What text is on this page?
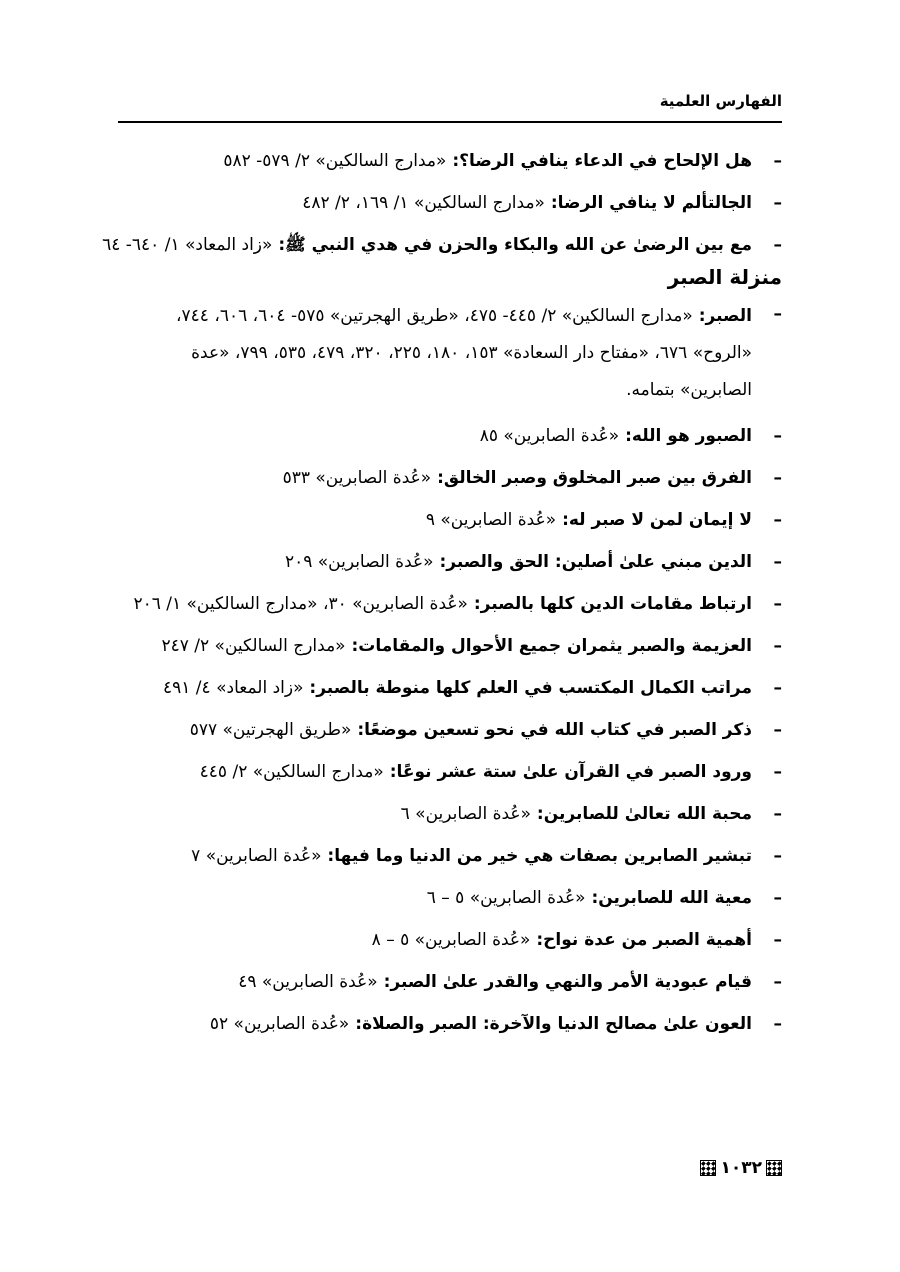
الفهارس العلمية
–
هل الإلحاح في الدعاء ينافي الرضا؟: «مدارج السالكين» ٢/ ٥٧٩- ٥٨٢
–
الجالتألم لا ينافي الرضا: «مدارج السالكين» ١/ ١٦٩، ٢/ ٤٨٢
–
مع بين الرضىٰ عن الله والبكاء والحزن في هدي النبي ﷺ: «زاد المعاد» ١/ ٦٤٠- ٦٤
منزلة الصبر
–
الصبر: «مدارج السالكين» ٢/ ٤٤٥- ٤٧٥، «طريق الهجرتين» ٥٧٥- ٦٠٤، ٦٠٦، ٧٤٤، «الروح» ٦٧٦، «مفتاح دار السعادة» ١٥٣، ١٨٠، ٢٢٥، ٣٢٠، ٤٧٩، ٥٣٥، ٧٩٩، «عدة الصابرين» بتمامه.
–
الصبور هو الله: «عُدة الصابرين» ٨٥
–
الفرق بين صبر المخلوق وصبر الخالق: «عُدة الصابرين» ٥٣٣
–
لا إيمان لمن لا صبر له: «عُدة الصابرين» ٩
–
الدين مبني علىٰ أصلين: الحق والصبر: «عُدة الصابرين» ٢٠٩
–
ارتباط مقامات الدين كلها بالصبر: «عُدة الصابرين» ٣٠، «مدارج السالكين» ١/ ٢٠٦
–
العزيمة والصبر يثمران جميع الأحوال والمقامات: «مدارج السالكين» ٢/ ٢٤٧
–
مراتب الكمال المكتسب في العلم كلها منوطة بالصبر: «زاد المعاد» ٤/ ٤٩١
–
ذكر الصبر في كتاب الله في نحو تسعين موضعًا: «طريق الهجرتين» ٥٧٧
–
ورود الصبر في القرآن علىٰ ستة عشر نوعًا: «مدارج السالكين» ٢/ ٤٤٥
–
محبة الله تعالىٰ للصابرين: «عُدة الصابرين» ٦
–
تبشير الصابرين بصفات هي خير من الدنيا وما فيها: «عُدة الصابرين» ٧
–
معية الله للصابرين: «عُدة الصابرين» ٥ – ٦
–
أهمية الصبر من عدة نواح: «عُدة الصابرين» ٥ – ٨
–
قيام عبودية الأمر والنهي والقدر علىٰ الصبر: «عُدة الصابرين» ٤٩
–
العون علىٰ مصالح الدنيا والآخرة: الصبر والصلاة: «عُدة الصابرين» ٥٢
١٠٣٢
